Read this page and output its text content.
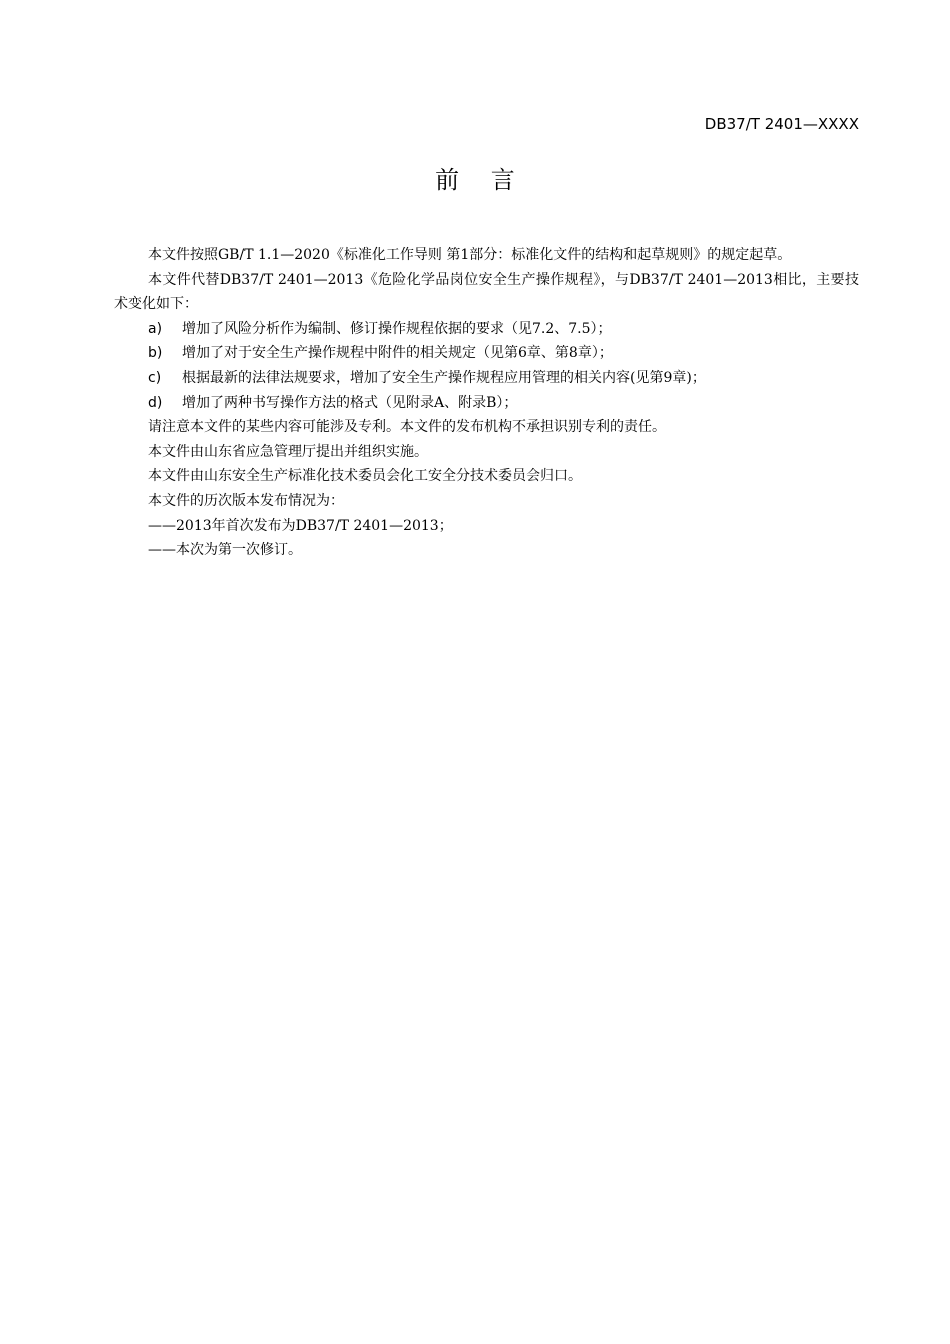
DB37/T 2401—XXXX
前 言

本文件按照GB/T 1.1—2020《标准化工作导则 第1部分：标准化文件的结构和起草规则》的规定起草。

本文件代替DB37/T 2401—2013《危险化学品岗位安全生产操作规程》，与DB37/T 2401—2013相比，主要技术变化如下：

a)	增加了风险分析作为编制、修订操作规程依据的要求（见7.2、7.5）；
b)	增加了对于安全生产操作规程中附件的相关规定（见第6章、第8章）；
c)	根据最新的法律法规要求，增加了安全生产操作规程应用管理的相关内容(见第9章)；
d)	增加了两种书写操作方法的格式（见附录A、附录B）；

请注意本文件的某些内容可能涉及专利。本文件的发布机构不承担识别专利的责任。

本文件由山东省应急管理厅提出并组织实施。

本文件由山东安全生产标准化技术委员会化工安全分技术委员会归口。

本文件的历次版本发布情况为：

——2013年首次发布为DB37/T 2401—2013；

——本次为第一次修订。
